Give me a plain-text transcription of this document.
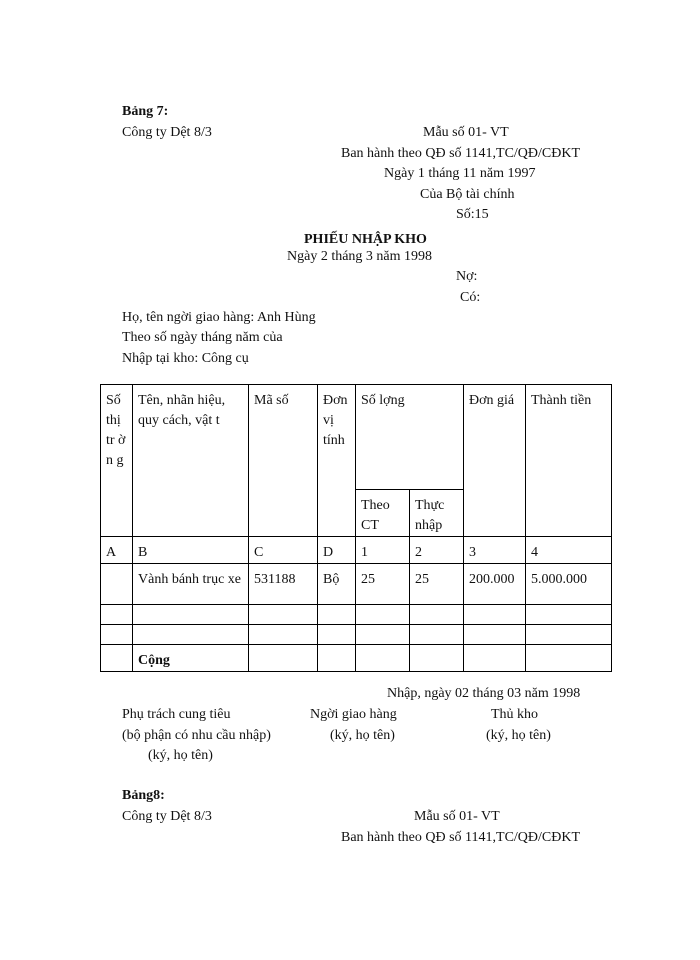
Bảng 7:
Công ty Dệt 8/3	Mẫu số 01- VT
Ban hành theo QĐ số 1141,TC/QĐ/CĐKT
Ngày 1 tháng 11 năm 1997
Của Bộ tài chính
Số:15
PHIẾU NHẬP KHO
Ngày 2 tháng 3 năm 1998
Nợ:
Có:
Họ, tên ngời giao hàng: Anh Hùng
Theo số ngày tháng năm của
Nhập tại kho: Công cụ
Số thị tr ờn g	Tên, nhãn hiệu, quy cách, vật t	Mã số	Đơn vị tính	Số lợng		Đơn giá	Thành tiền
				Theo CT	Thực nhập		
A	B	C	D	1	2	3	4
	Vành bánh trục xe	531188	Bộ	25	25	200.000	5.000.000

	Cộng						
Nhập, ngày 02 tháng 03 năm 1998
Phụ trách cung tiêu	Ngời giao hàng	Thủ kho
(bộ phận có nhu cầu nhập)	(ký, họ tên)	(ký, họ tên)
(ký, họ tên)
Bảng8:
Công ty Dệt 8/3	Mẫu số 01- VT
Ban hành theo QĐ số 1141,TC/QĐ/CĐKT
